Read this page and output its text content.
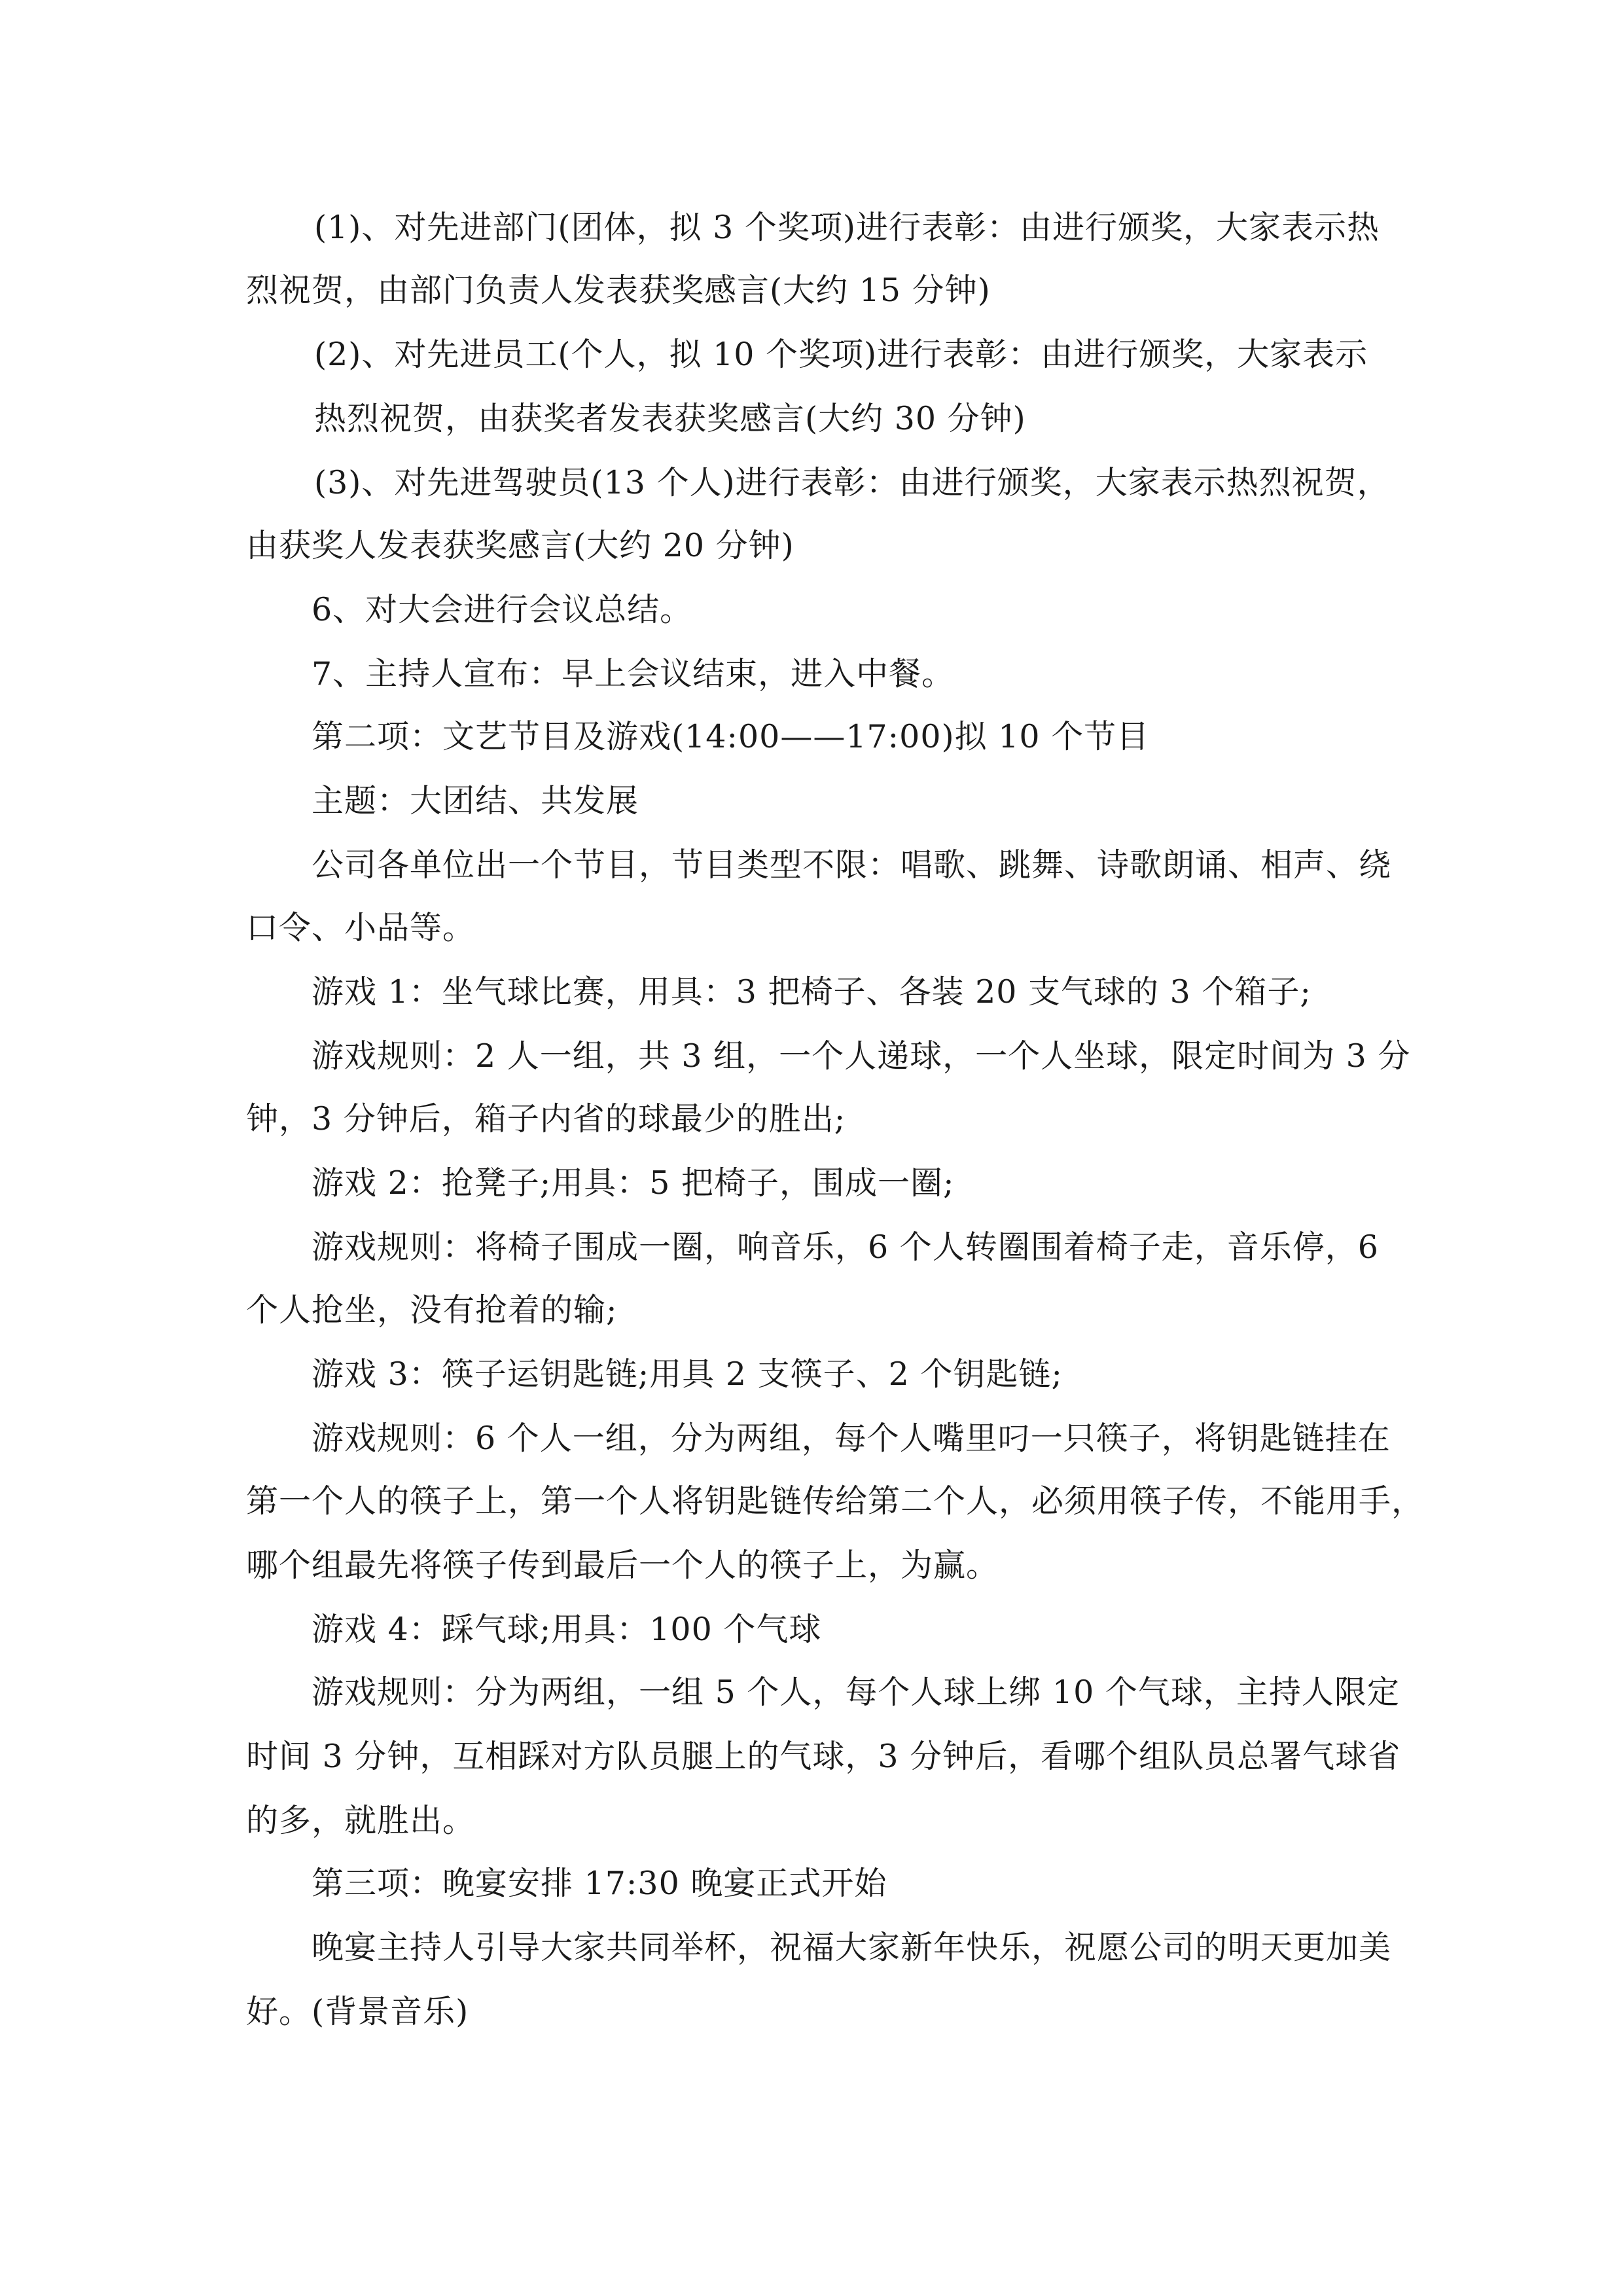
(1)、对先进部门(团体，拟 3 个奖项)进行表彰：由进行颁奖，大家表示热
烈祝贺，由部门负责人发表获奖感言(大约 15 分钟)
(2)、对先进员工(个人，拟 10 个奖项)进行表彰：由进行颁奖，大家表示
热烈祝贺，由获奖者发表获奖感言(大约 30 分钟)
(3)、对先进驾驶员(13 个人)进行表彰：由进行颁奖，大家表示热烈祝贺，
由获奖人发表获奖感言(大约 20 分钟)
6、对大会进行会议总结。
7、主持人宣布：早上会议结束，进入中餐。
第二项：文艺节目及游戏(14:00——17:00)拟 10 个节目
主题：大团结、共发展
公司各单位出一个节目，节目类型不限：唱歌、跳舞、诗歌朗诵、相声、绕
口令、小品等。
游戏 1：坐气球比赛，用具：3 把椅子、各装 20 支气球的 3 个箱子;
游戏规则：2 人一组，共 3 组，一个人递球，一个人坐球，限定时间为 3 分
钟，3 分钟后，箱子内省的球最少的胜出;
游戏 2：抢凳子;用具：5 把椅子，围成一圈;
游戏规则：将椅子围成一圈，响音乐，6 个人转圈围着椅子走，音乐停，6
个人抢坐，没有抢着的输;
游戏 3：筷子运钥匙链;用具 2 支筷子、2 个钥匙链;
游戏规则：6 个人一组，分为两组，每个人嘴里叼一只筷子，将钥匙链挂在
第一个人的筷子上，第一个人将钥匙链传给第二个人，必须用筷子传，不能用手，
哪个组最先将筷子传到最后一个人的筷子上，为赢。
游戏 4：踩气球;用具：100 个气球
游戏规则：分为两组，一组 5 个人，每个人球上绑 10 个气球，主持人限定
时间 3 分钟，互相踩对方队员腿上的气球，3 分钟后，看哪个组队员总署气球省
的多，就胜出。
第三项：晚宴安排 17:30 晚宴正式开始
晚宴主持人引导大家共同举杯，祝福大家新年快乐，祝愿公司的明天更加美
好。(背景音乐)
